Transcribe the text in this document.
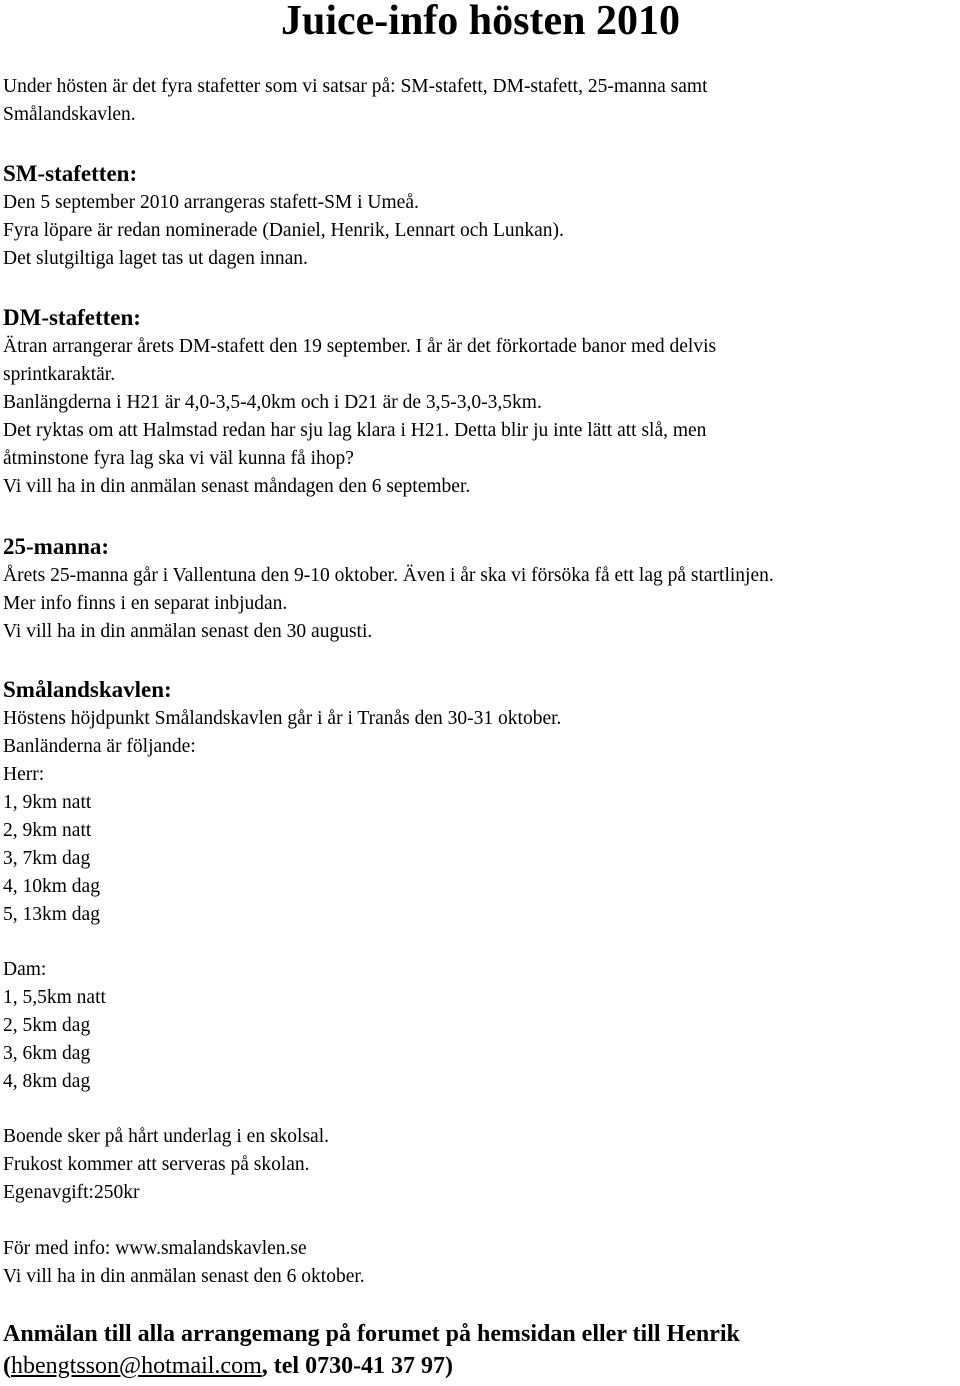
Juice-info hösten 2010
Under hösten är det fyra stafetter som vi satsar på: SM-stafett, DM-stafett, 25-manna samt
Smålandskavlen.
SM-stafetten:
Den 5 september 2010 arrangeras stafett-SM i Umeå.
Fyra löpare är redan nominerade (Daniel, Henrik, Lennart och Lunkan).
Det slutgiltiga laget tas ut dagen innan.
DM-stafetten:
Ätran arrangerar årets DM-stafett den 19 september. I år är det förkortade banor med delvis
sprintkaraktär.
Banlängderna i H21 är 4,0-3,5-4,0km och i D21 är de 3,5-3,0-3,5km.
Det ryktas om att Halmstad redan har sju lag klara i H21. Detta blir ju inte lätt att slå, men
åtminstone fyra lag ska vi väl kunna få ihop?
Vi vill ha in din anmälan senast måndagen den 6 september.
25-manna:
Årets 25-manna går i Vallentuna den 9-10 oktober. Även i år ska vi försöka få ett lag på startlinjen.
Mer info finns i en separat inbjudan.
Vi vill ha in din anmälan senast den 30 augusti.
Smålandskavlen:
Höstens höjdpunkt Smålandskavlen går i år i Tranås den 30-31 oktober.
Banländerna är följande:
Herr:
1, 9km natt
2, 9km natt
3, 7km dag
4, 10km dag
5, 13km dag
Dam:
1, 5,5km natt
2, 5km dag
3, 6km dag
4, 8km dag
Boende sker på hårt underlag i en skolsal.
Frukost kommer att serveras på skolan.
Egenavgift:250kr
För med info: www.smalandskavlen.se
Vi vill ha in din anmälan senast den 6 oktober.
Anmälan till alla arrangemang på forumet på hemsidan eller till Henrik
(hbengtsson@hotmail.com, tel 0730-41 37 97)
